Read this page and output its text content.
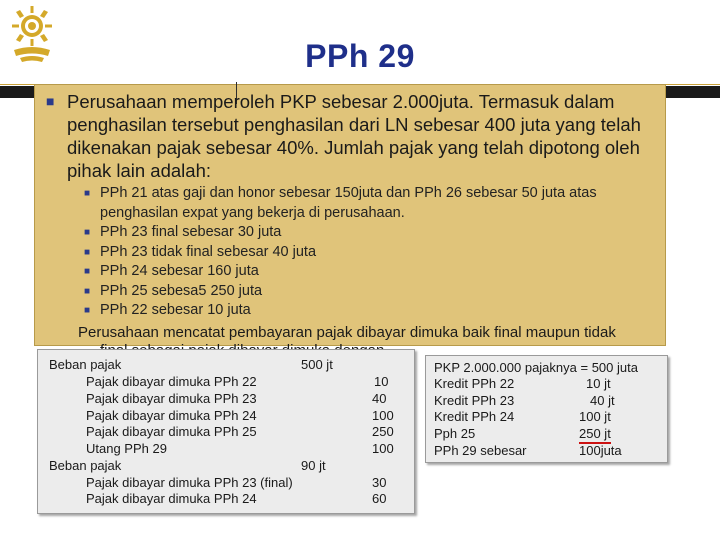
PPh 29
■ Perusahaan memperoleh PKP sebesar 2.000juta. Termasuk dalam penghasilan tersebut penghasilan dari LN sebesar 400 juta yang telah dikenakan pajak sebesar 40%. Jumlah pajak yang telah dipotong oleh pihak lain adalah:
■ PPh 21 atas gaji dan honor sebesar 150juta dan PPh 26 sebesar 50 juta atas penghasilan expat yang bekerja di perusahaan.
■ PPh 23 final sebesar 30 juta
■ PPh 23 tidak final sebesar 40 juta
■ PPh 24 sebesar 160 juta
■ PPh 25 sebesa5 250 juta
■ PPh 22 sebesar 10 juta
Perusahaan mencatat pembayaran pajak dibayar dimuka baik final maupun tidak
Beban pajak	500 jt
Pajak dibayar dimuka PPh 22	10
Pajak dibayar dimuka PPh 23	40
Pajak dibayar dimuka PPh 24	100
Pajak dibayar dimuka PPh 25	250
Utang PPh 29	100
Beban pajak	90 jt
Pajak dibayar dimuka PPh 23 (final)	30
Pajak dibayar dimuka PPh 24	60
PKP 2.000.000 pajaknya = 500 juta
Kredit PPh 22	10 jt
Kredit PPh 23	40 jt
Kredit PPh 24	100 jt
Pph 25	250 jt
PPh 29 sebesar	100juta
